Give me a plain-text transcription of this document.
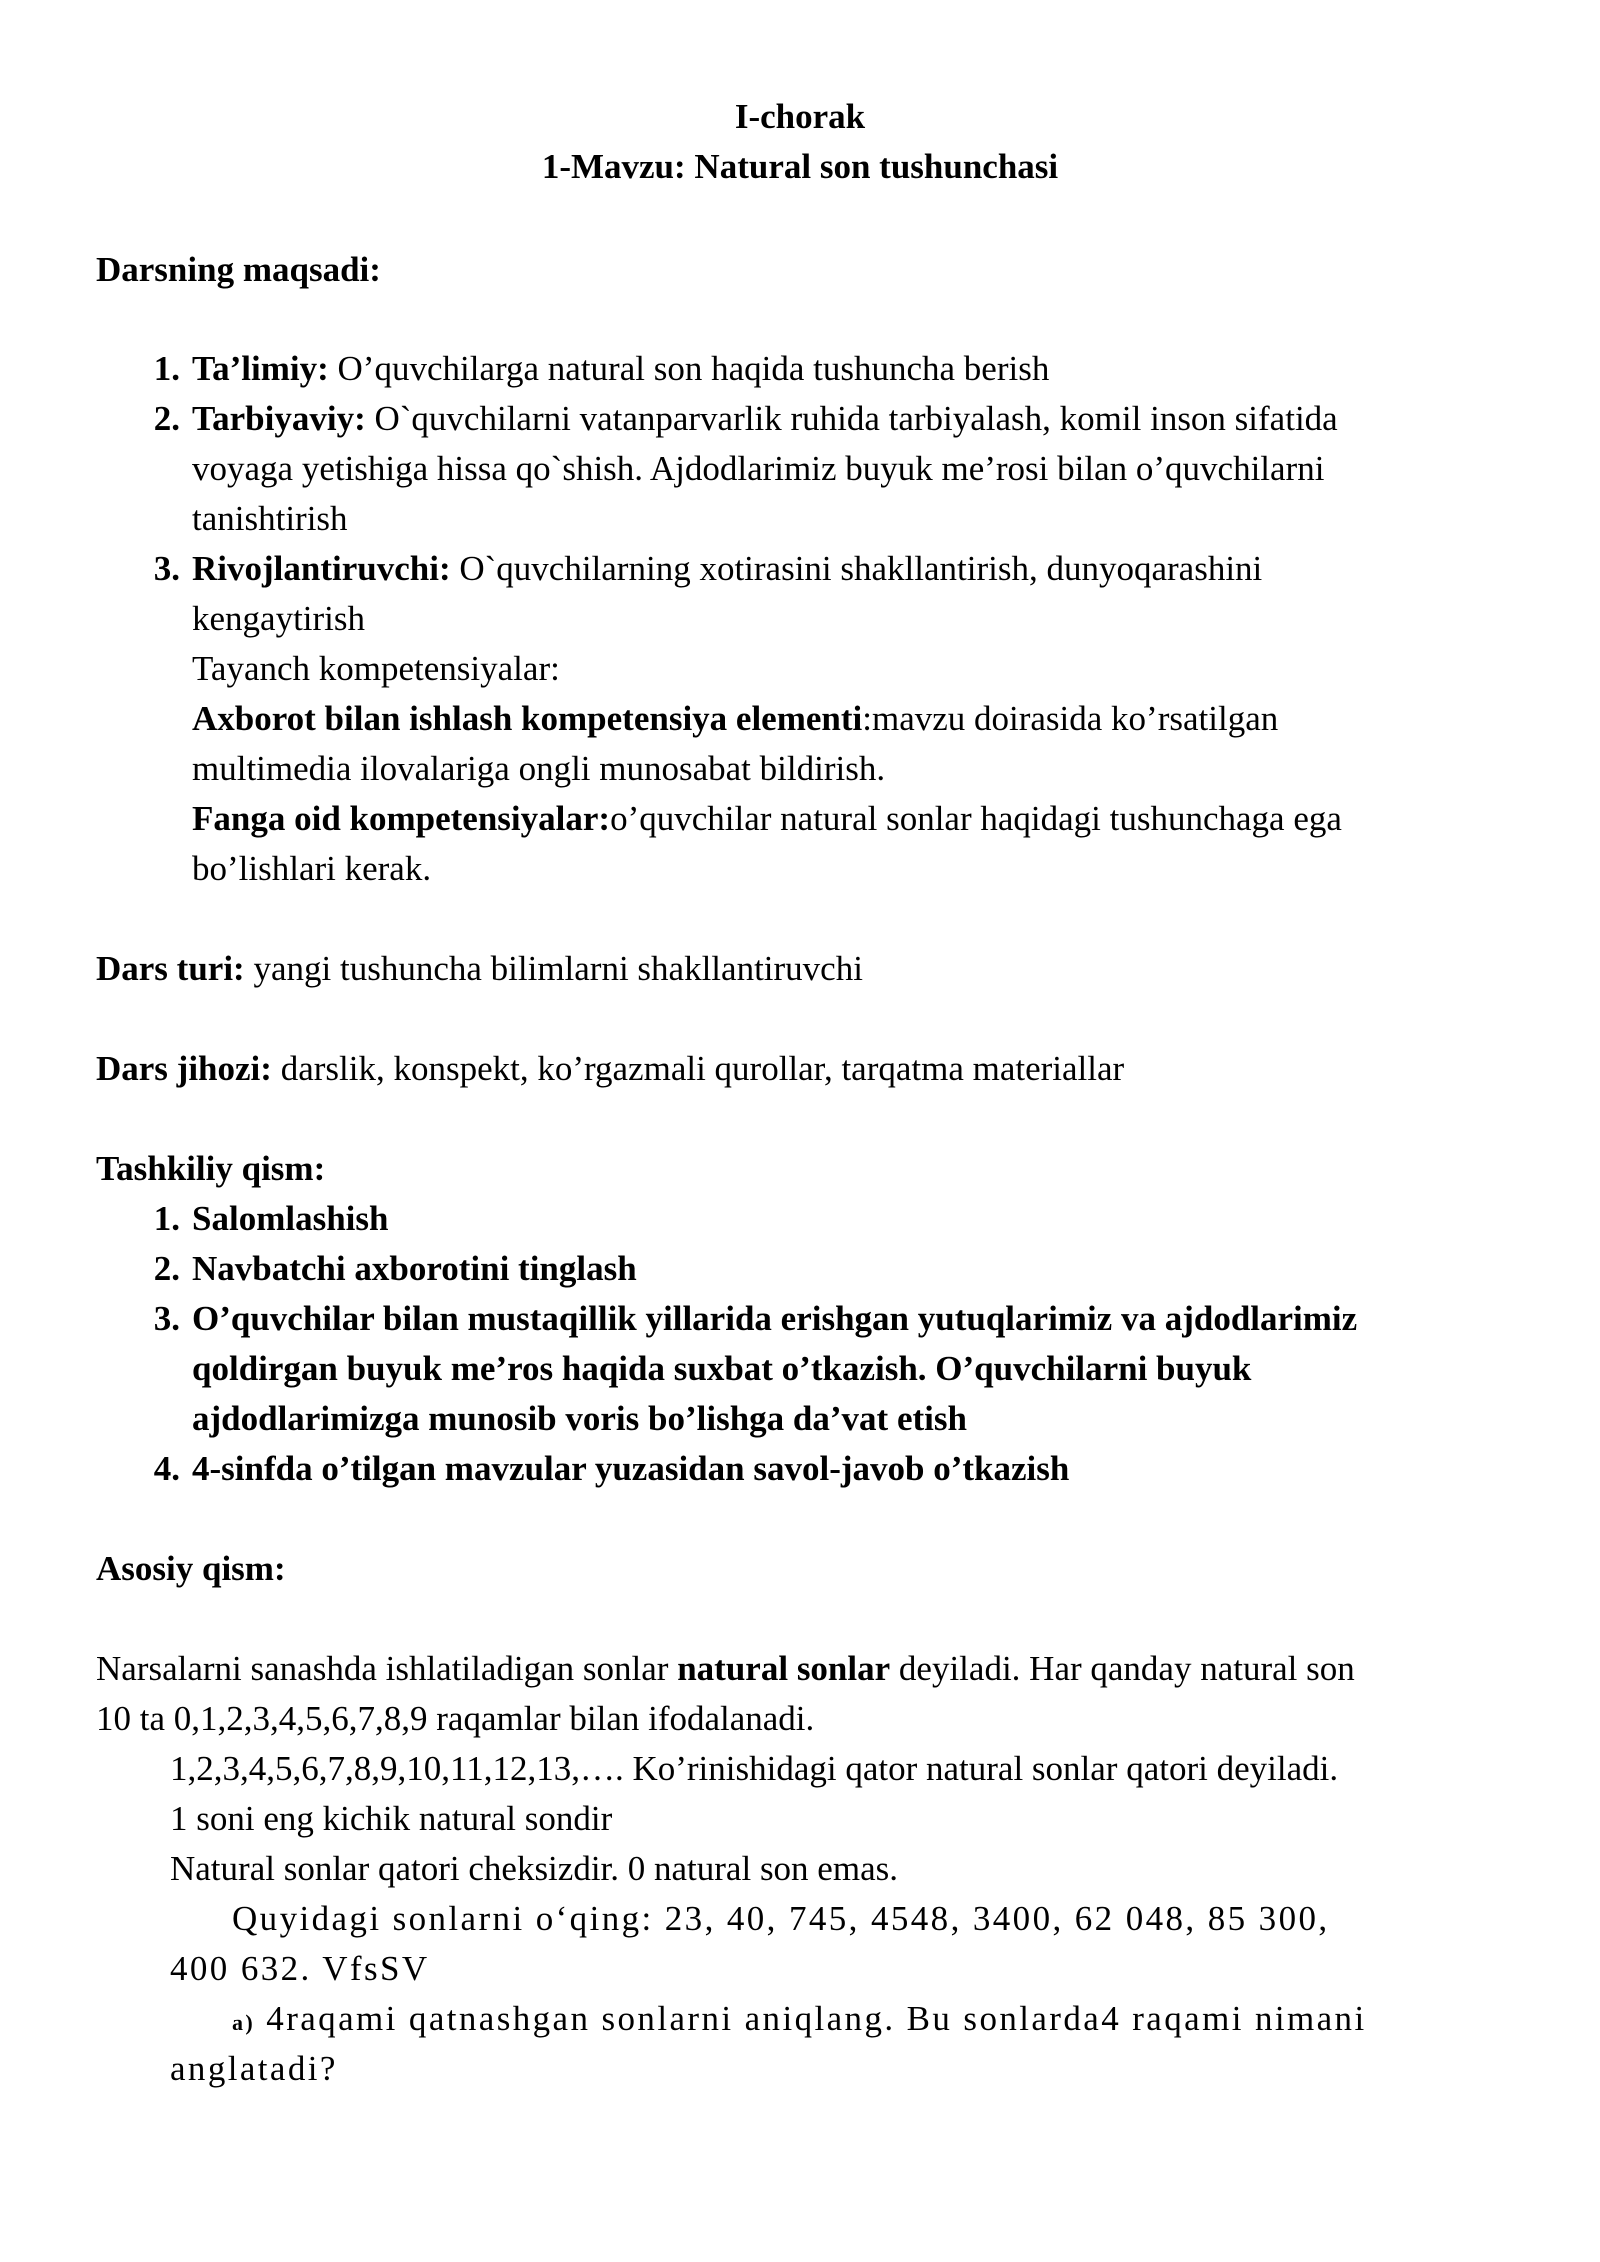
I-chorak
1-Mavzu: Natural son tushunchasi
Darsning maqsadi:
1. Ta’limiy: O’quvchilarga natural son haqida tushuncha berish
2. Tarbiyaviy: O`quvchilarni vatanparvarlik ruhida tarbiyalash, komil inson sifatida
voyaga yetishiga hissa qo`shish. Ajdodlarimiz buyuk me’rosi bilan o’quvchilarni
tanishtirish
3. Rivojlantiruvchi: O`quvchilarning xotirasini shakllantirish, dunyoqarashini
kengaytirish
Tayanch kompetensiyalar:
Axborot bilan ishlash kompetensiya elementi:mavzu doirasida ko’rsatilgan
multimedia ilovalariga ongli munosabat bildirish.
Fanga oid kompetensiyalar:o’quvchilar natural sonlar haqidagi tushunchaga ega
bo’lishlari kerak.
Dars turi: yangi tushuncha bilimlarni shakllantiruvchi
Dars jihozi: darslik, konspekt, ko’rgazmali qurollar, tarqatma materiallar
Tashkiliy qism:
1. Salomlashish
2. Navbatchi axborotini tinglash
3. O’quvchilar bilan mustaqillik yillarida erishgan yutuqlarimiz va ajdodlarimiz
qoldirgan buyuk me’ros haqida suxbat o’tkazish. O’quvchilarni buyuk
ajdodlarimizga munosib voris bo’lishga da’vat etish
4. 4-sinfda o’tilgan mavzular yuzasidan savol-javob o’tkazish
Asosiy qism:
Narsalarni sanashda ishlatiladigan sonlar natural sonlar deyiladi. Har qanday natural son
10 ta 0,1,2,3,4,5,6,7,8,9 raqamlar bilan ifodalanadi.
1,2,3,4,5,6,7,8,9,10,11,12,13,…. Ko’rinishidagi qator natural sonlar qatori deyiladi.
1 soni eng kichik natural sondir
Natural sonlar qatori cheksizdir. 0 natural son emas.
Quyidagi sonlarni o‘qing: 23, 40, 745, 4548, 3400, 62 048, 85 300,
400 632. VfsSV
a) 4raqami qatnashgan sonlarni aniqlang. Bu sonlarda4 raqami nimani
anglatadi?
